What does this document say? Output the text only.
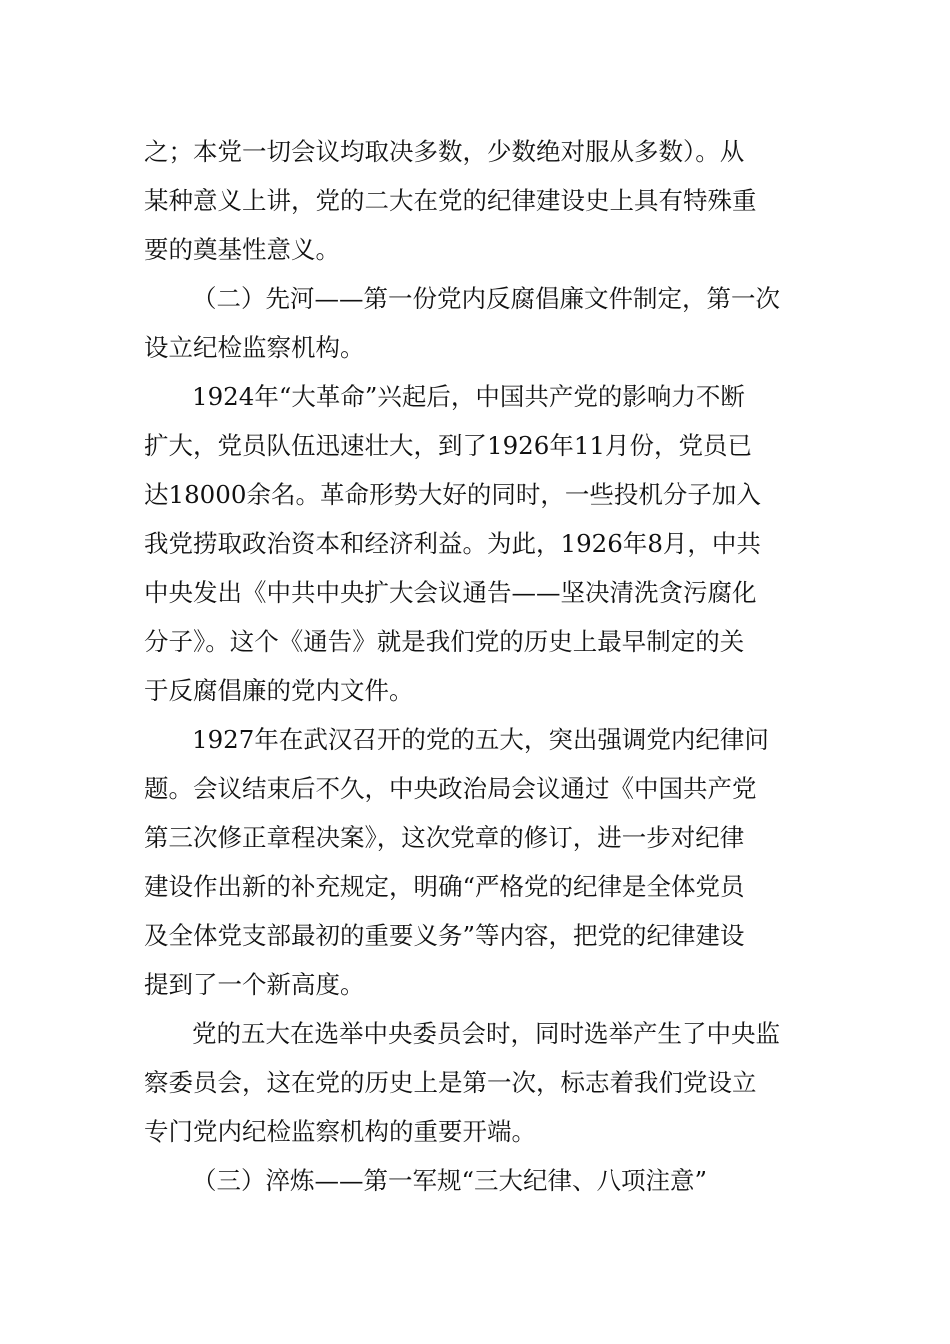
之；本党一切会议均取决多数，少数绝对服从多数）。从
某种意义上讲，党的二大在党的纪律建设史上具有特殊重
要的奠基性意义。

（二）先河——第一份党内反腐倡廉文件制定，第一次
设立纪检监察机构。

1924年“大革命”兴起后，中国共产党的影响力不断
扩大，党员队伍迅速壮大，到了1926年11月份，党员已
达18000余名。革命形势大好的同时，一些投机分子加入
我党捞取政治资本和经济利益。为此，1926年8月，中共
中央发出《中共中央扩大会议通告——坚决清洗贪污腐化
分子》。这个《通告》就是我们党的历史上最早制定的关
于反腐倡廉的党内文件。

1927年在武汉召开的党的五大，突出强调党内纪律问
题。会议结束后不久，中央政治局会议通过《中国共产党
第三次修正章程决案》，这次党章的修订，进一步对纪律
建设作出新的补充规定，明确“严格党的纪律是全体党员
及全体党支部最初的重要义务”等内容，把党的纪律建设
提到了一个新高度。

党的五大在选举中央委员会时，同时选举产生了中央监
察委员会，这在党的历史上是第一次，标志着我们党设立
专门党内纪检监察机构的重要开端。

（三）淬炼——第一军规“三大纪律、八项注意”
